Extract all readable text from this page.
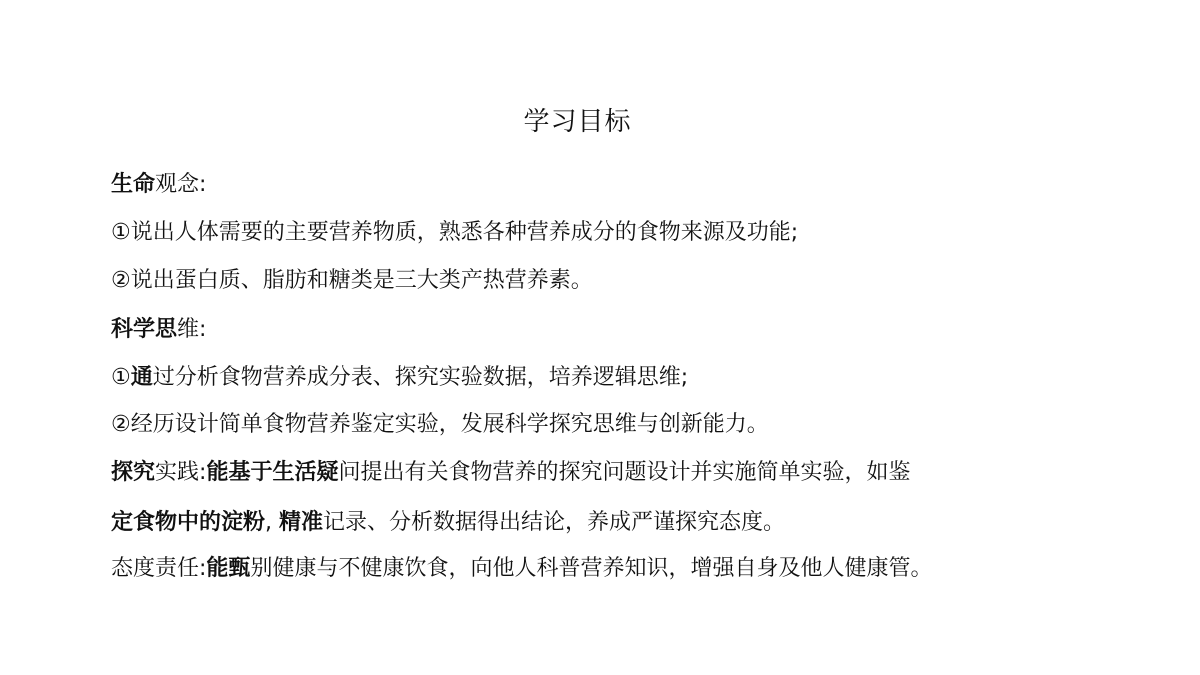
学习目标
生命观念:
①说出人体需要的主要营养物质，熟悉各种营养成分的食物来源及功能;
②说出蛋白质、脂肪和糖类是三大类产热营养素。
科学思维:
①通过分析食物营养成分表、探究实验数据，培养逻辑思维;
②经历设计简单食物营养鉴定实验，发展科学探究思维与创新能力。
探究实践:能基于生活疑问提出有关食物营养的探究问题设计并实施简单实验，如鉴
定食物中的淀粉, 精准记录、分析数据得出结论，养成严谨探究态度。
态度责任:能甄别健康与不健康饮食，向他人科普营养知识，增强自身及他人健康管。
